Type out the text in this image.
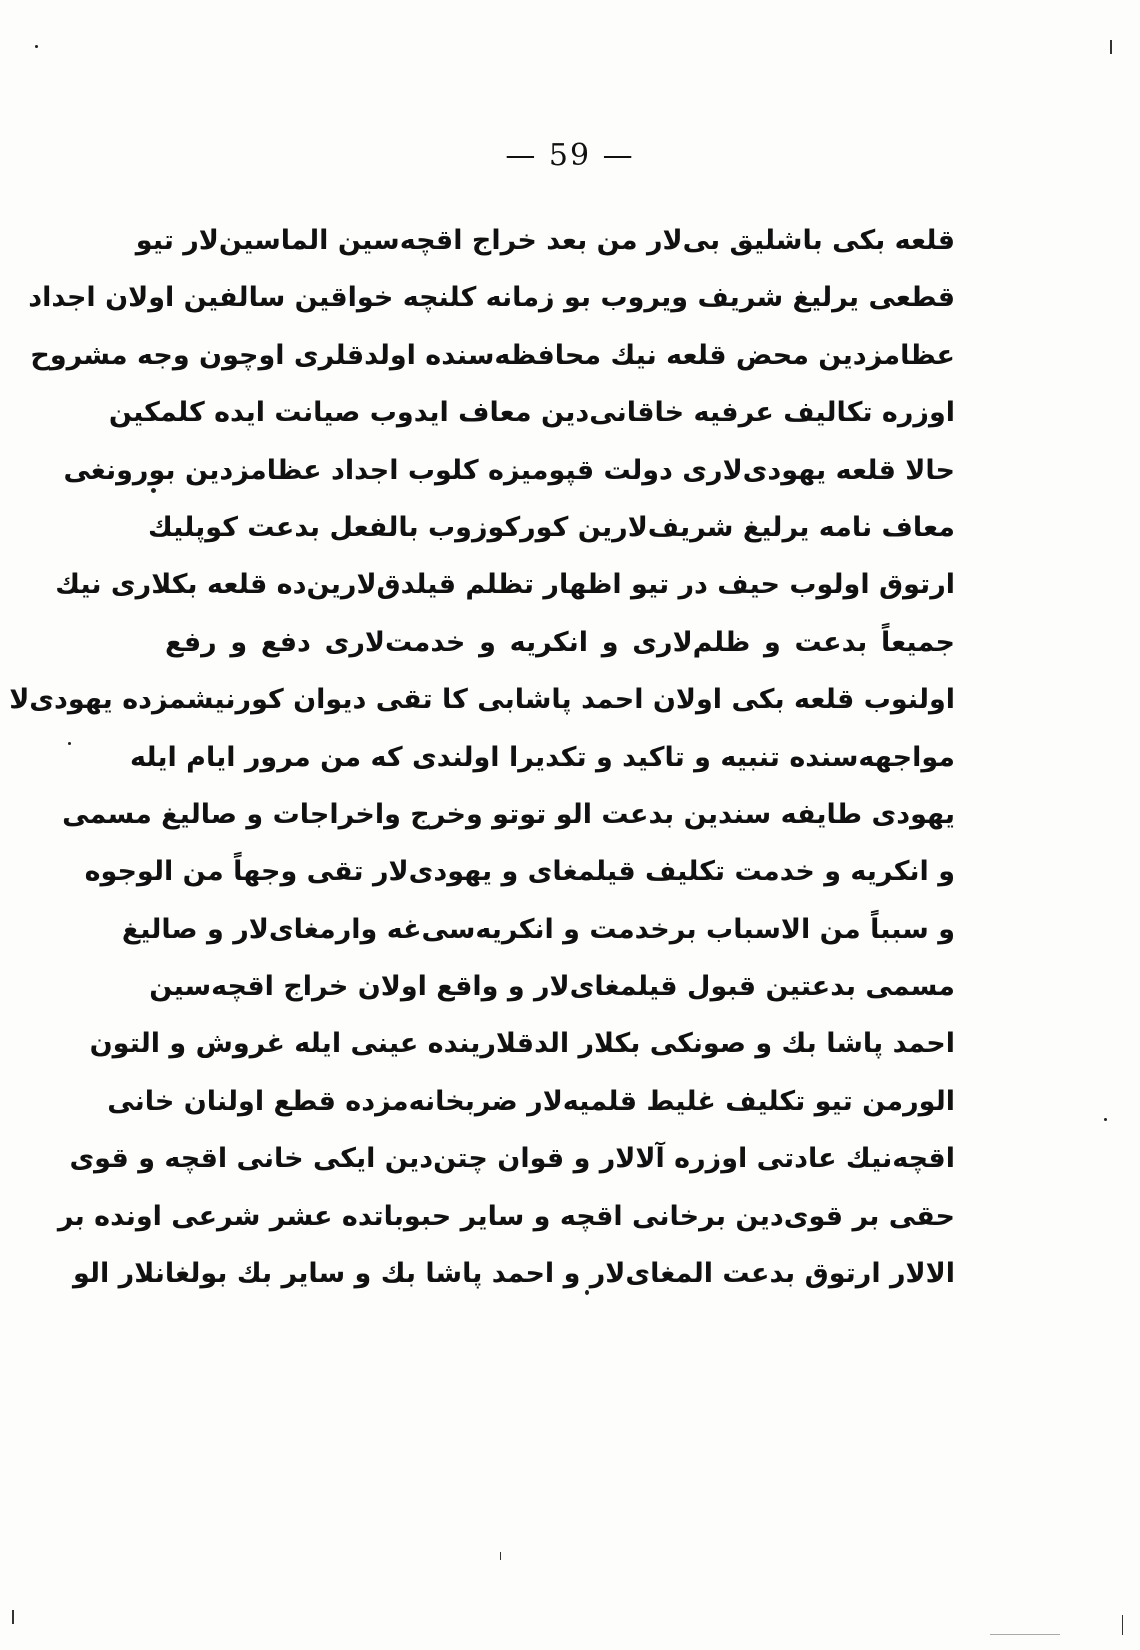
— 59 —
قلعه بكى باشليق بى‌لار من بعد خراج اقچه‌سين الماسين‌لار تيو
قطعى يرليغ شريف ويروب بو زمانه كلنچه خواقين سالفين اولان اجداد
عظامزدين محض قلعه نيك محافظه‌سنده اولدقلرى اوچون وجه مشروح
اوزره تكاليف عرفيه خاقانى‌دين معاف ايدوب صيانت ايده كلمكين
حالا قلعه يهودى‌لارى دولت قپوميزه كلوب اجداد عظامزدين بورونغى
معاف نامه يرليغ شريف‌لارين كوركوزوب بالفعل بدعت كوپليك
ارتوق اولوب حيف در تيو اظهار تظلم قيلدق‌لارين‌ده قلعه بكلارى نيك
جميعاً بدعت و ظلم‌لارى و انكريه و خدمت‌لارى دفع و رفع
اولنوب قلعه بكى اولان احمد پاشابى كا تقى ديوان كورنيشمزده يهودى‌لا
مواجهه‌سنده تنبيه و تاكيد و تكديرا اولندى كه من مرور ايام ايله
يهودى طايفه سندين بدعت الو توتو وخرج واخراجات و صاليغ مسمى
و انكريه و خدمت تكليف قيلمغاى و يهودى‌لار تقى وجهاً من الوجوه
و سبباً من الاسباب برخدمت و انكريه‌سى‌غه وارمغاى‌لار و صاليغ
مسمى بدعتين قبول قيلمغاى‌لار و واقع اولان خراج اقچه‌سين
احمد پاشا بك و صونكى بكلار الدقلارينده عينى ايله غروش و التون
الورمن تيو تكليف غليط قلميه‌لار ضربخانه‌مزده قطع اولنان خانى
اقچه‌نيك عادتى اوزره آلالار و قوان چتن‌دين ايكى خانى اقچه و قوى
حقى بر قوى‌دين برخانى اقچه و ساير حبوباتده عشر شرعى اونده بر
الالار ارتوق بدعت المغاى‌لار و احمد پاشا بك و ساير بك بولغانلار الو
